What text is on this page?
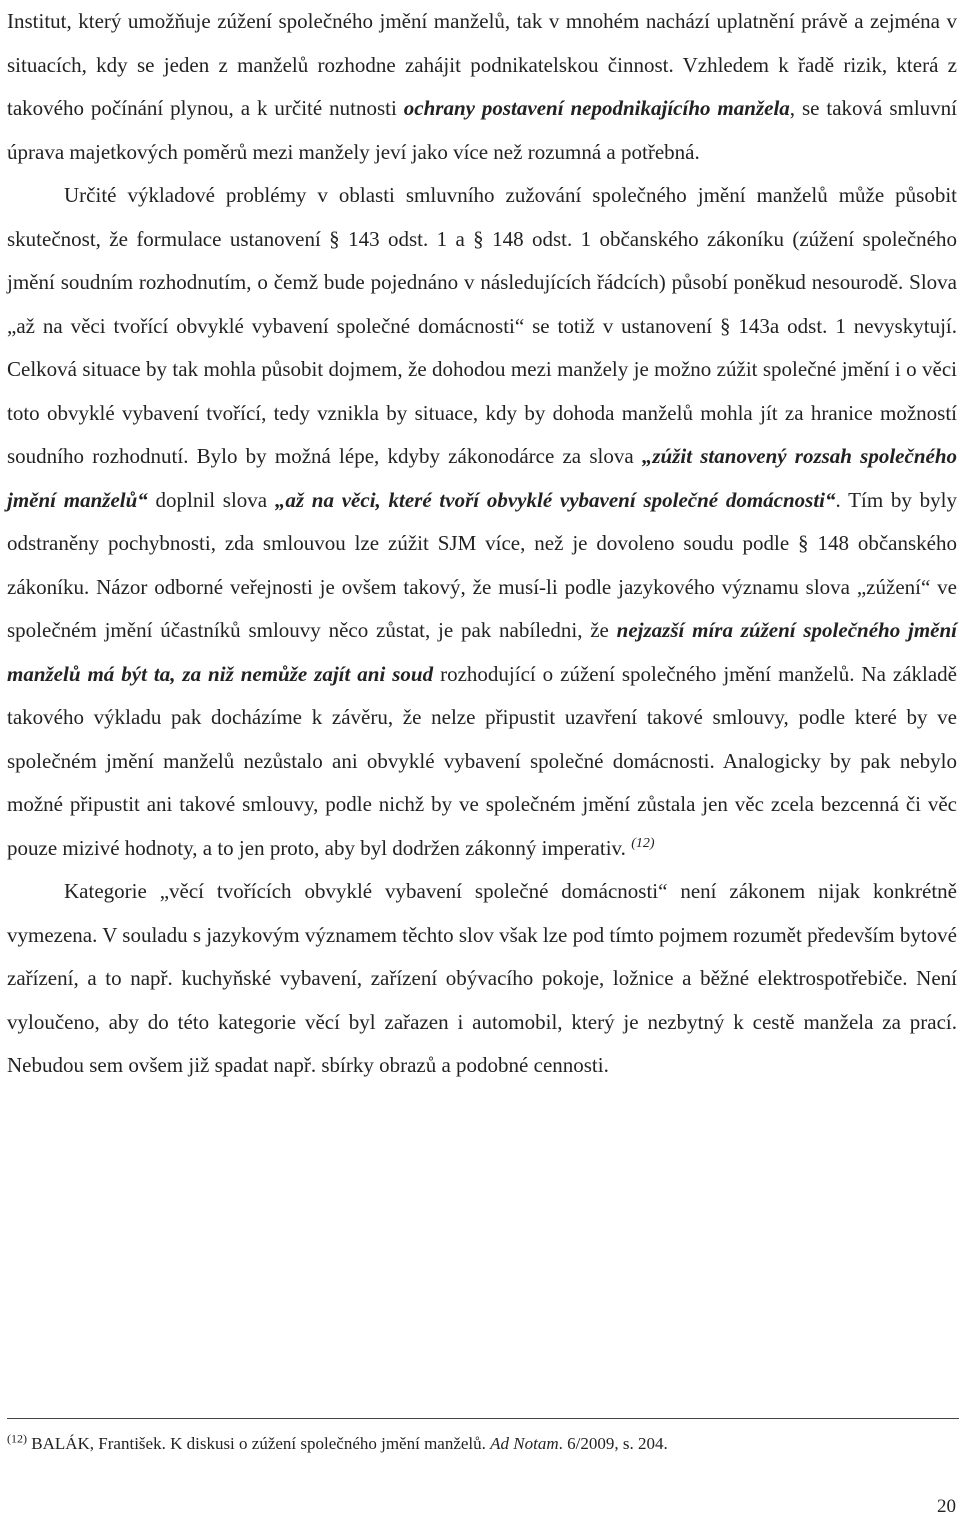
Institut, který umožňuje zúžení společného jmění manželů, tak v mnohém nachází uplatnění právě a zejména v situacích, kdy se jeden z manželů rozhodne zahájit podnikatelskou činnost. Vzhledem k řadě rizik, která z takového počínání plynou, a k určité nutnosti ochrany postavení nepodnikajícího manžela, se taková smluvní úprava majetkových poměrů mezi manžely jeví jako více než rozumná a potřebná.

Určité výkladové problémy v oblasti smluvního zužování společného jmění manželů může působit skutečnost, že formulace ustanovení § 143 odst. 1 a § 148 odst. 1 občanského zákoníku (zúžení společného jmění soudním rozhodnutím, o čemž bude pojednáno v následujících řádcích) působí poněkud nesourodě. Slova „až na věci tvořící obvyklé vybavení společné domácnosti“ se totiž v ustanovení § 143a odst. 1 nevyskytují. Celková situace by tak mohla působit dojmem, že dohodou mezi manžely je možno zúžit společné jmění i o věci toto obvyklé vybavení tvořící, tedy vznikla by situace, kdy by dohoda manželů mohla jít za hranice možností soudního rozhodnutí. Bylo by možná lépe, kdyby zákonodárce za slova „zúžit stanovený rozsah společného jmění manželů“ doplnil slova „až na věci, které tvoří obvyklé vybavení společné domácnosti“. Tím by byly odstraněny pochybnosti, zda smlouvou lze zúžit SJM více, než je dovoleno soudu podle § 148 občanského zákoníku. Názor odborné veřejnosti je ovšem takový, že musí-li podle jazykového významu slova „zúžení“ ve společném jmění účastníků smlouvy něco zůstat, je pak nabíledni, že nejzazší míra zúžení společného jmění manželů má být ta, za niž nemůže zajít ani soud rozhodující o zúžení společného jmění manželů. Na základě takového výkladu pak docházíme k závěru, že nelze připustit uzavření takové smlouvy, podle které by ve společném jmění manželů nezůstalo ani obvyklé vybavení společné domácnosti. Analogicky by pak nebylo možné připustit ani takové smlouvy, podle nichž by ve společném jmění zůstala jen věc zcela bezcenná či věc pouze mizivé hodnoty, a to jen proto, aby byl dodržen zákonný imperativ. $^{(12)}$

Kategorie „věcí tvořících obvyklé vybavení společné domácnosti“ není zákonem nijak konkrétně vymezena. V souladu s jazykovým významem těchto slov však lze pod tímto pojmem rozumět především bytové zařízení, a to např. kuchyňské vybavení, zařízení obývacího pokoje, ložnice a běžné elektrospotřebiče. Není vyloučeno, aby do této kategorie věcí byl zařazen i automobil, který je nezbytný k cestě manžela za prací. Nebudou sem ovšem již spadat např. sbírky obrazů a podobné cennosti.

$^{(12)}$ BALÁK, František. K diskusi o zúžení společného jmění manželů. Ad Notam. 6/2009, s. 204.
20
